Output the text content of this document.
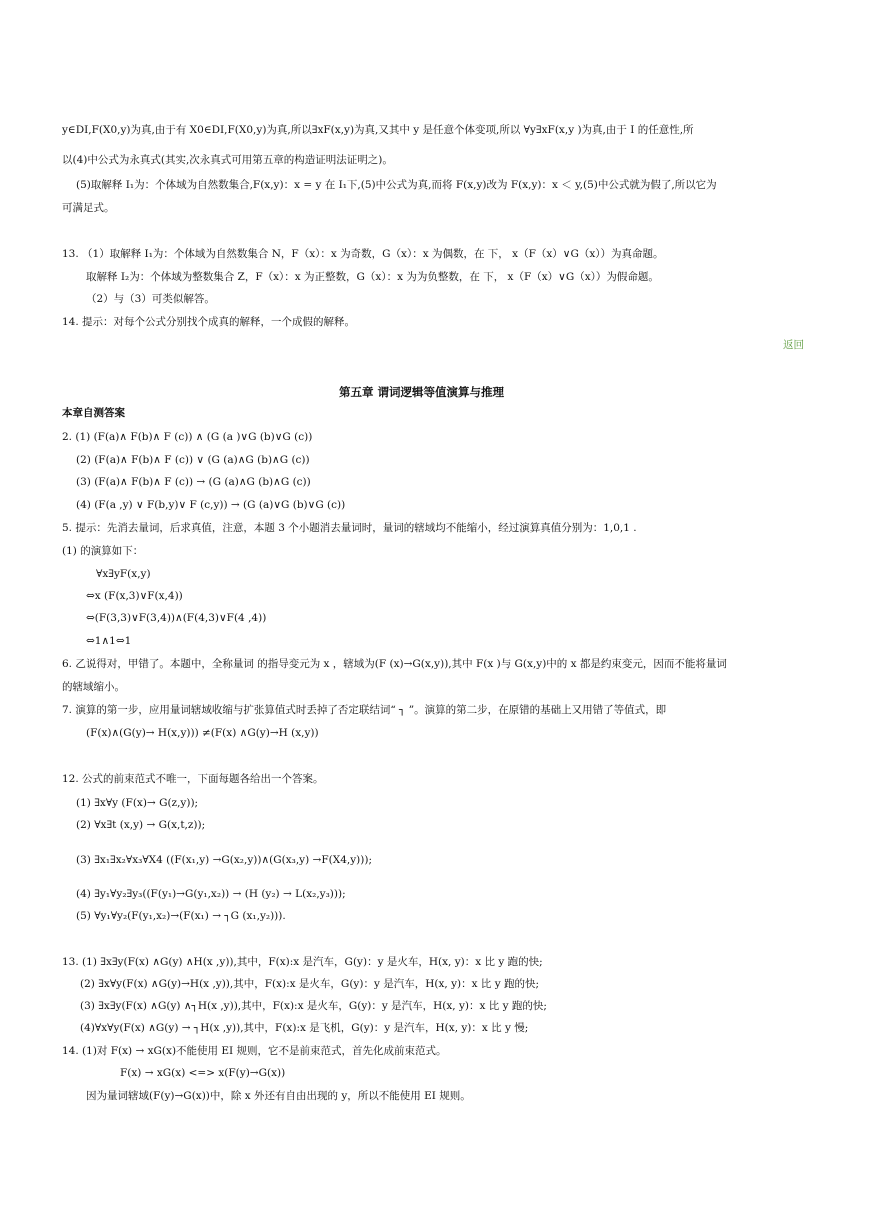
y∈DI,F(X0,y)为真,由于有 X0∈DI,F(X0,y)为真,所以∃xF(x,y)为真,又其中 y 是任意个体变项,所以 ∀y∃xF(x,y )为真,由于 I 的任意性,所
以(4)中公式为永真式(其实,次永真式可用第五章的构造证明法证明之)。
(5)取解释 I₁为：个体域为自然数集合,F(x,y)：x = y 在 I₁下,(5)中公式为真,而将 F(x,y)改为 F(x,y)：x ＜ y,(5)中公式就为假了,所以它为
可满足式。
13. （1）取解释 I₁为：个体域为自然数集合 N，F（x）：x 为奇数，G（x）：x 为偶数，在 下， x（F（x）∨G（x））为真命题。
取解释 I₂为：个体域为整数集合 Z，F（x）：x 为正整数，G（x）：x 为为负整数，在 下， x（F（x）∨G（x））为假命题。
（2）与（3）可类似解答。
14. 提示：对每个公式分别找个成真的解释，一个成假的解释。
返回
第五章 谓词逻辑等值演算与推理
本章自测答案
2. (1) (F(a)∧ F(b)∧ F (c)) ∧ (G (a )∨G (b)∨G (c))
(2) (F(a)∧ F(b)∧ F (c)) ∨ (G (a)∧G (b)∧G (c))
(3) (F(a)∧ F(b)∧ F (c)) → (G (a)∧G (b)∧G (c))
(4) (F(a ,y) ∨ F(b,y)∨ F (c,y)) → (G (a)∨G (b)∨G (c))
5. 提示：先消去量词，后求真值，注意，本题 3 个小题消去量词时，量词的辖域均不能缩小，经过演算真值分别为：1,0,1 .
(1) 的演算如下：
∀x∃yF(x,y)
⇔x (F(x,3)∨F(x,4))
⇔(F(3,3)∨F(3,4))∧(F(4,3)∨F(4 ,4))
⇔1∧1⇔1
6. 乙说得对，甲错了。本题中，全称量词 的指导变元为 x ，辖域为(F (x)→G(x,y)),其中 F(x )与 G(x,y)中的 x 都是约束变元，因而不能将量词
的辖域缩小。
7. 演算的第一步，应用量词辖域收缩与扩张算值式时丢掉了否定联结词“ ┐ ”。演算的第二步，在原错的基础上又用错了等值式，即
(F(x)∧(G(y)→ H(x,y))) ≠(F(x) ∧G(y)→H (x,y))
12. 公式的前束范式不唯一，下面每题各给出一个答案。
(1) ∃x∀y (F(x)→ G(z,y));
(2) ∀x∃t (x,y) → G(x,t,z));
(3) ∃x₁∃x₂∀x₃∀X4 ((F(x₁,y) →G(x₂,y))∧(G(x₃,y) →F(X4,y)));
(4) ∃y₁∀y₂∃y₃((F(y₁)→G(y₁,x₂)) → (H (y₂) → L(x₂,y₃)));
(5) ∀y₁∀y₂(F(y₁,x₂)→(F(x₁) → ┐G (x₁,y₂))).
13. (1) ∃x∃y(F(x) ∧G(y) ∧H(x ,y)),其中，F(x):x 是汽车，G(y)：y 是火车，H(x, y)：x 比 y 跑的快;
(2) ∃x∀y(F(x) ∧G(y)→H(x ,y)),其中，F(x):x 是火车，G(y)：y 是汽车，H(x, y)：x 比 y 跑的快;
(3) ∃x∃y(F(x) ∧G(y) ∧┐H(x ,y)),其中，F(x):x 是火车，G(y)：y 是汽车，H(x, y)：x 比 y 跑的快;
(4)∀x∀y(F(x) ∧G(y) → ┐H(x ,y)),其中，F(x):x 是飞机，G(y)：y 是汽车，H(x, y)：x 比 y 慢;
14. (1)对 F(x) → xG(x)不能使用 EI 规则，它不是前束范式，首先化成前束范式。
F(x) → xG(x) <=> x(F(y)→G(x))
因为量词辖域(F(y)→G(x))中，除 x 外还有自由出现的 y，所以不能使用 EI 规则。
